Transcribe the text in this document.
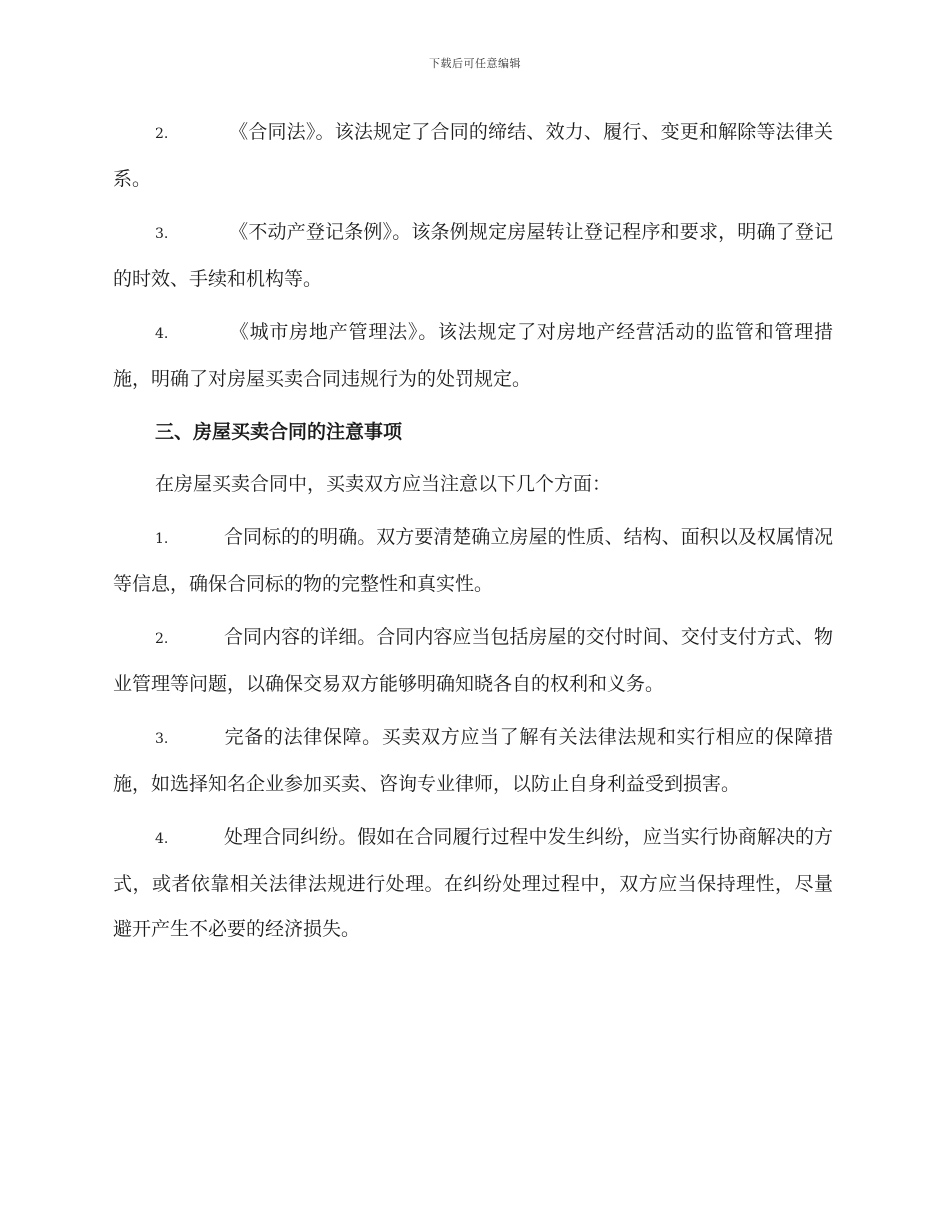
下载后可任意编辑
2.	《合同法》。该法规定了合同的缔结、效力、履行、变更和解除等法律关系。
3.	《不动产登记条例》。该条例规定房屋转让登记程序和要求，明确了登记的时效、手续和机构等。
4.	《城市房地产管理法》。该法规定了对房地产经营活动的监管和管理措施，明确了对房屋买卖合同违规行为的处罚规定。
三、房屋买卖合同的注意事项
在房屋买卖合同中，买卖双方应当注意以下几个方面：
1.	合同标的的明确。双方要清楚确立房屋的性质、结构、面积以及权属情况等信息，确保合同标的物的完整性和真实性。
2.	合同内容的详细。合同内容应当包括房屋的交付时间、交付支付方式、物业管理等问题，以确保交易双方能够明确知晓各自的权利和义务。
3.	完备的法律保障。买卖双方应当了解有关法律法规和实行相应的保障措施，如选择知名企业参加买卖、咨询专业律师，以防止自身利益受到损害。
4.	处理合同纠纷。假如在合同履行过程中发生纠纷，应当实行协商解决的方式，或者依靠相关法律法规进行处理。在纠纷处理过程中，双方应当保持理性，尽量避开产生不必要的经济损失。
